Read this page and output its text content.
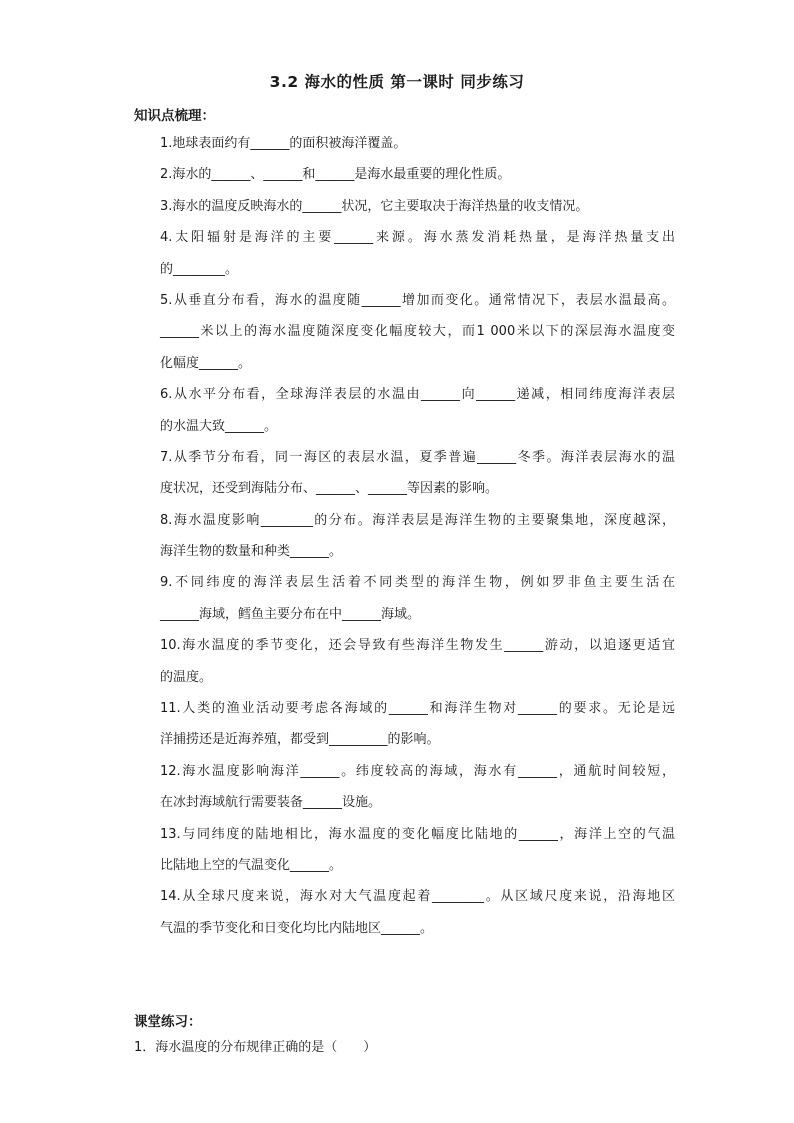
3.2 海水的性质 第一课时 同步练习
知识点梳理：
1.地球表面约有______的面积被海洋覆盖。
2.海水的______、______和______是海水最重要的理化性质。
3.海水的温度反映海水的______状况，它主要取决于海洋热量的收支情况。
4.太阳辐射是海洋的主要______来源。海水蒸发消耗热量，是海洋热量支出
的________。
5.从垂直分布看，海水的温度随______增加而变化。通常情况下，表层水温最高。
______米以上的海水温度随深度变化幅度较大，而1 000米以下的深层海水温度变
化幅度______。
6.从水平分布看，全球海洋表层的水温由______向______递减，相同纬度海洋表层
的水温大致______。
7.从季节分布看，同一海区的表层水温，夏季普遍______冬季。海洋表层海水的温
度状况，还受到海陆分布、______、______等因素的影响。
8.海水温度影响________的分布。海洋表层是海洋生物的主要聚集地，深度越深，
海洋生物的数量和种类______。
9.不同纬度的海洋表层生活着不同类型的海洋生物，例如罗非鱼主要生活在
______海域，鳕鱼主要分布在中______海域。
10.海水温度的季节变化，还会导致有些海洋生物发生______游动，以追逐更适宜
的温度。
11.人类的渔业活动要考虑各海域的______和海洋生物对______的要求。无论是远
洋捕捞还是近海养殖，都受到_________的影响。
12.海水温度影响海洋______。纬度较高的海域，海水有______，通航时间较短，
在冰封海域航行需要装备______设施。
13.与同纬度的陆地相比，海水温度的变化幅度比陆地的______，海洋上空的气温
比陆地上空的气温变化______。
14.从全球尺度来说，海水对大气温度起着________。从区域尺度来说，沿海地区
气温的季节变化和日变化均比内陆地区______。
课堂练习：
1．海水温度的分布规律正确的是（　　）
